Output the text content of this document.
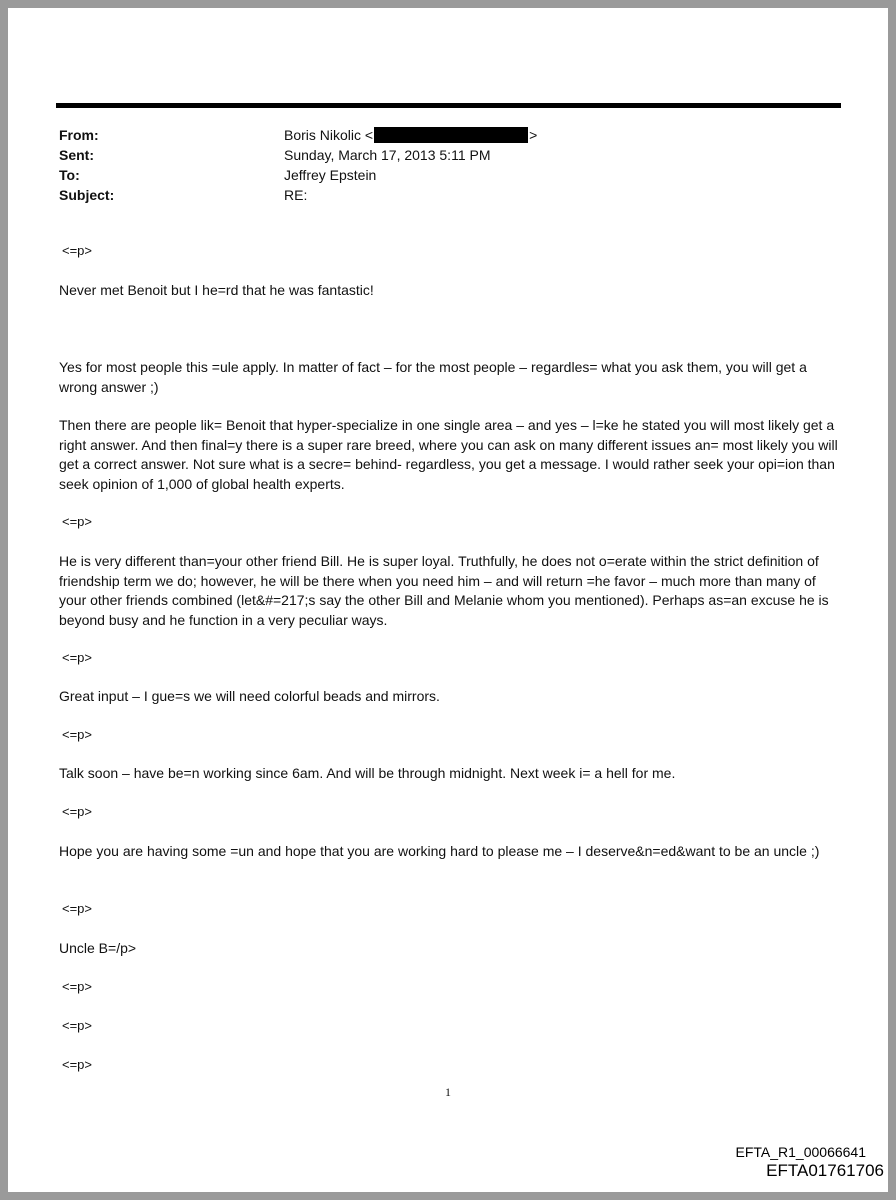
From:	Boris Nikolic <	>
Sent:	Sunday, March 17, 2013 5:11 PM
To:	Jeffrey Epstein
Subject:	RE:

<=p>

Never met Benoit but I he=rd that he was fantastic!

Yes for most people this =ule apply. In matter of fact – for the most people – regardles= what you ask them, you will get a wrong answer ;)

Then there are people lik= Benoit that hyper-specialize in one single area – and yes – l=ke he stated you will most likely get a right answer. And then final=y there is a super rare breed, where you can ask on many different issues an= most likely you will get a correct answer. Not sure what is a secre= behind- regardless, you get a message. I would rather seek your opi=ion than seek opinion of 1,000 of global health experts.

<=p>

He is very different than=your other friend Bill. He is super loyal. Truthfully, he does not o=erate within the strict definition of friendship term we do; however, he will be there when you need him – and will return =he favor – much more than many of your other friends combined (let&#=217;s say the other Bill and Melanie whom you mentioned). Perhaps as=an excuse he is beyond busy and he function in a very peculiar ways.

<=p>

Great input – I gue=s we will need colorful beads and mirrors.

<=p>

Talk soon – have be=n working since 6am. And will be through midnight. Next week i= a hell for me.

<=p>

Hope you are having some =un and hope that you are working hard to please me – I deserve&n=ed&want to be an uncle ;)

<=p>

Uncle B=/p>

<=p>

<=p>

<=p>

1
EFTA_R1_00066641
EFTA01761706
